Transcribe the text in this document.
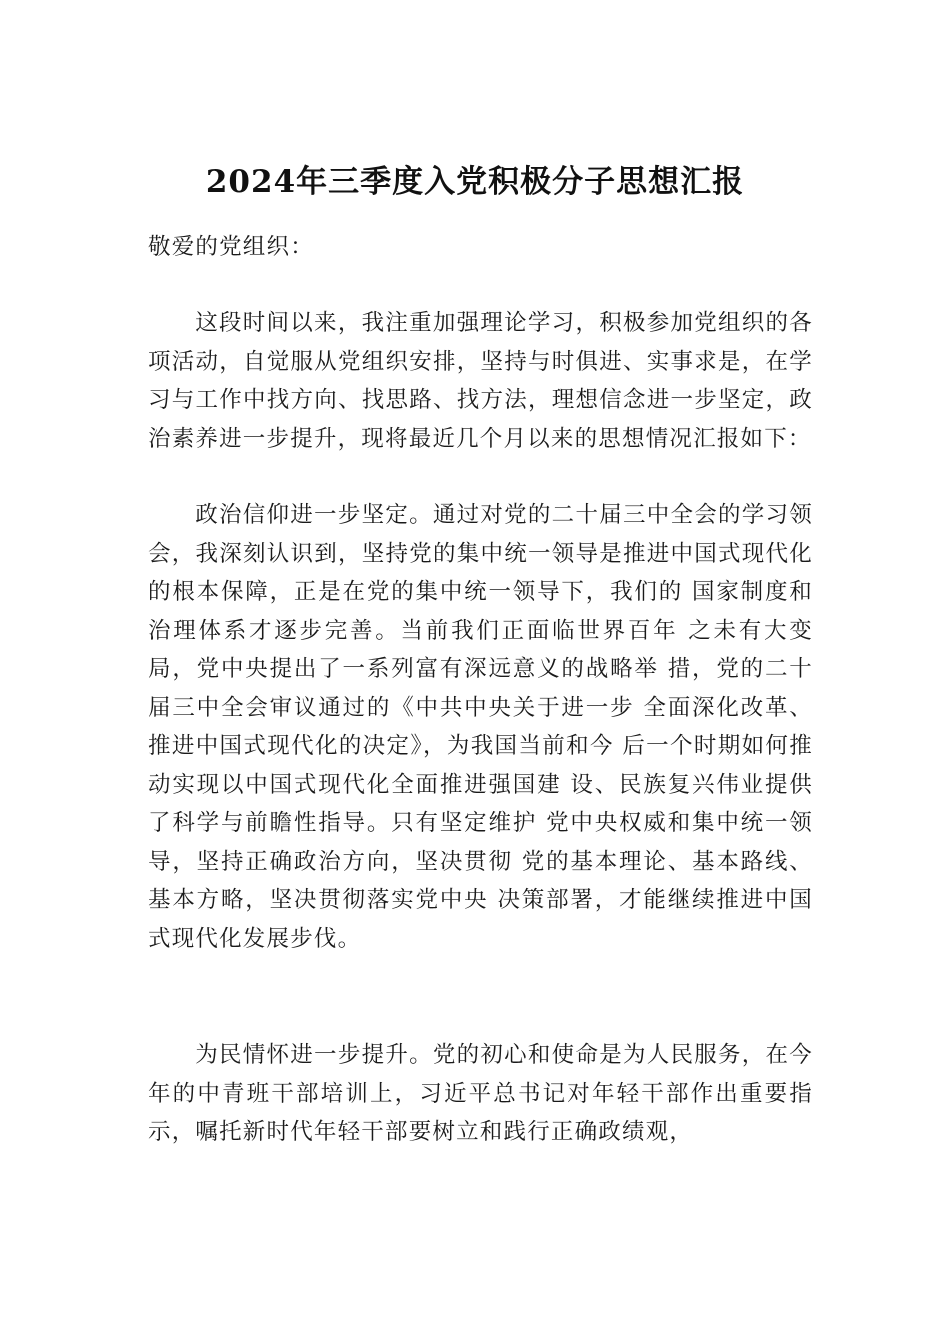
2024年三季度入党积极分子思想汇报
敬爱的党组织：

这段时间以来，我注重加强理论学习，积极参加党组织的各项活动，自觉服从党组织安排，坚持与时俱进、实事求是，在学习与工作中找方向、找思路、找方法，理想信念进一步坚定，政治素养进一步提升，现将最近几个月以来的思想情况汇报如下：

政治信仰进一步坚定。通过对党的二十届三中全会的学习领会，我深刻认识到，坚持党的集中统一领导是推进中国式现代化的根本保障，正是在党的集中统一领导下，我们的 国家制度和治理体系才逐步完善。当前我们正面临世界百年 之未有大变局，党中央提出了一系列富有深远意义的战略举 措，党的二十届三中全会审议通过的《中共中央关于进一步 全面深化改革、推进中国式现代化的决定》，为我国当前和今 后一个时期如何推动实现以中国式现代化全面推进强国建 设、民族复兴伟业提供了科学与前瞻性指导。只有坚定维护 党中央权威和集中统一领导，坚持正确政治方向，坚决贯彻 党的基本理论、基本路线、基本方略，坚决贯彻落实党中央 决策部署，才能继续推进中国式现代化发展步伐。

为民情怀进一步提升。党的初心和使命是为人民服务，在今年的中青班干部培训上，习近平总书记对年轻干部作出重要指示，嘱托新时代年轻干部要树立和践行正确政绩观，
